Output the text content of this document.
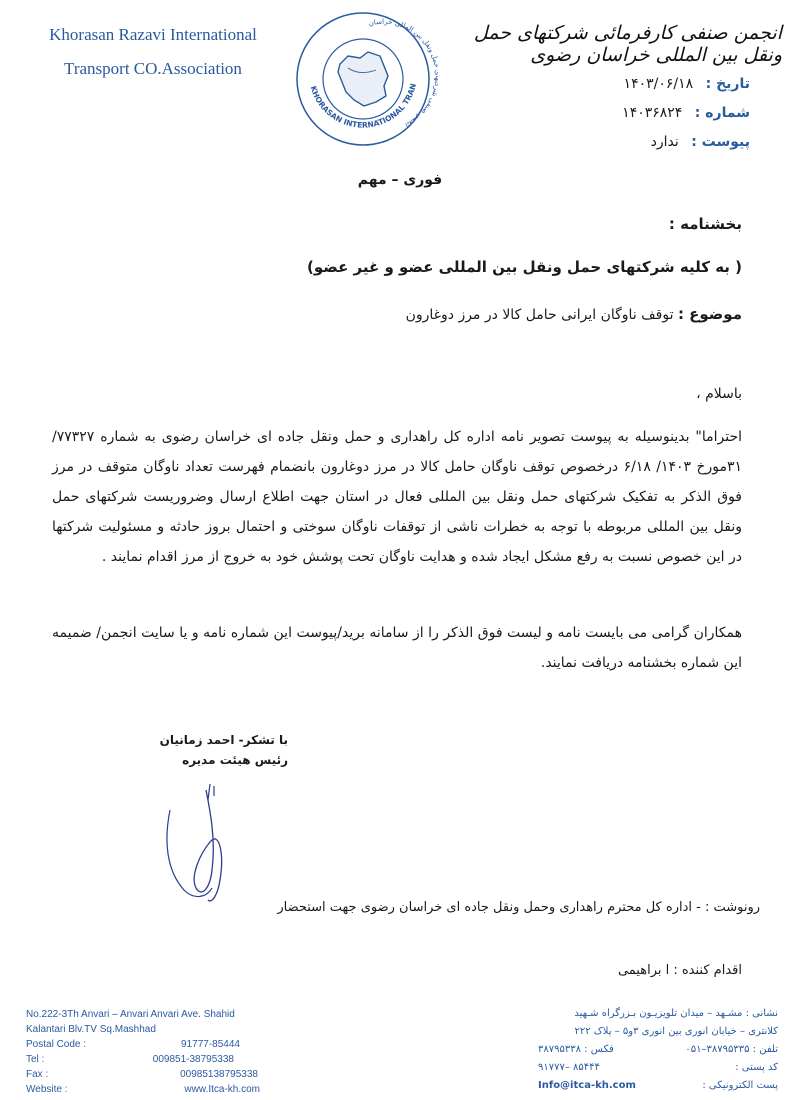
Khorasan Razavi International
Transport CO.Association
KHORASAN INTERNATIONAL TRAN
انجمن صنفی ل ونقل بین المللی خراسان	انجمن صنفی کارفرمائی شرکتهای حمل ونقل بین المللی خراسان رضوی
تاریخ : ۱۴۰۳/۰۶/۱۸
شماره : ۱۴۰۳۶۸۲۴
پیوست : ندارد
فوری – مهم
بخشنامه :
( به کلیه شرکتهای حمل ونقل بین المللی عضو و غیر عضو)
موضوع : توقف ناوگان ایرانی حامل کالا در مرز دوغارون
باسلام ،
احتراما" بدینوسیله به پیوست تصویر نامه اداره کل راهداری و حمل ونقل جاده ای خراسان رضوی به شماره ۷۷۳۲۷/ ۳۱مورخ ۱۴۰۳/ ۶/۱۸ درخصوص توقف ناوگان حامل کالا در مرز دوغارون بانضمام فهرست تعداد ناوگان متوقف در مرز فوق الذکر به تفکیک شرکتهای حمل ونقل بین المللی فعال در استان جهت اطلاع ارسال وضروریست شرکتهای حمل ونقل بین المللی مربوطه با توجه به خطرات ناشی از توقفات ناوگان سوختی و احتمال بروز حادثه و مسئولیت شرکتها در این خصوص نسبت به رفع مشکل ایجاد شده و هدایت ناوگان تحت پوشش خود به خروج از مرز اقدام نمایند .
همکاران گرامی می بایست نامه و لیست فوق الذکر را از سامانه برید/پیوست این شماره نامه و یا سایت انجمن/ ضمیمه این شماره بخشنامه دریافت نمایند.
با تشکر- احمد زمانیان
رئیس هیئت مدیره
رونوشت : - اداره کل محترم راهداری وحمل ونقل جاده ای خراسان رضوی جهت استحضار
اقدام کننده : ا براهیمی
No.222-3Th Anvari – Anvari Anvari Ave. Shahid
Kalantari Blv.TV Sq.Mashhad
Postal Code :	91777-85444
Tel :	009851-38795338
Fax :	00985138795338
Website :	www.Itca-kh.com
نشانی : مشـهد – میدان تلویزیـون بـزرگراه شـهید
کلانتری – خیابان انوری بین انوری ۳و۵ – پلاک ۲۲۲
تلفن : ۳۸۷۹۵۳۳۵–۰۵۱
فکس : ۳۸۷۹۵۳۳۸
کد پستی :
۹۱۷۷۷– ۸۵۴۴۴
پست الکترونیکی :
Info@itca-kh.com
